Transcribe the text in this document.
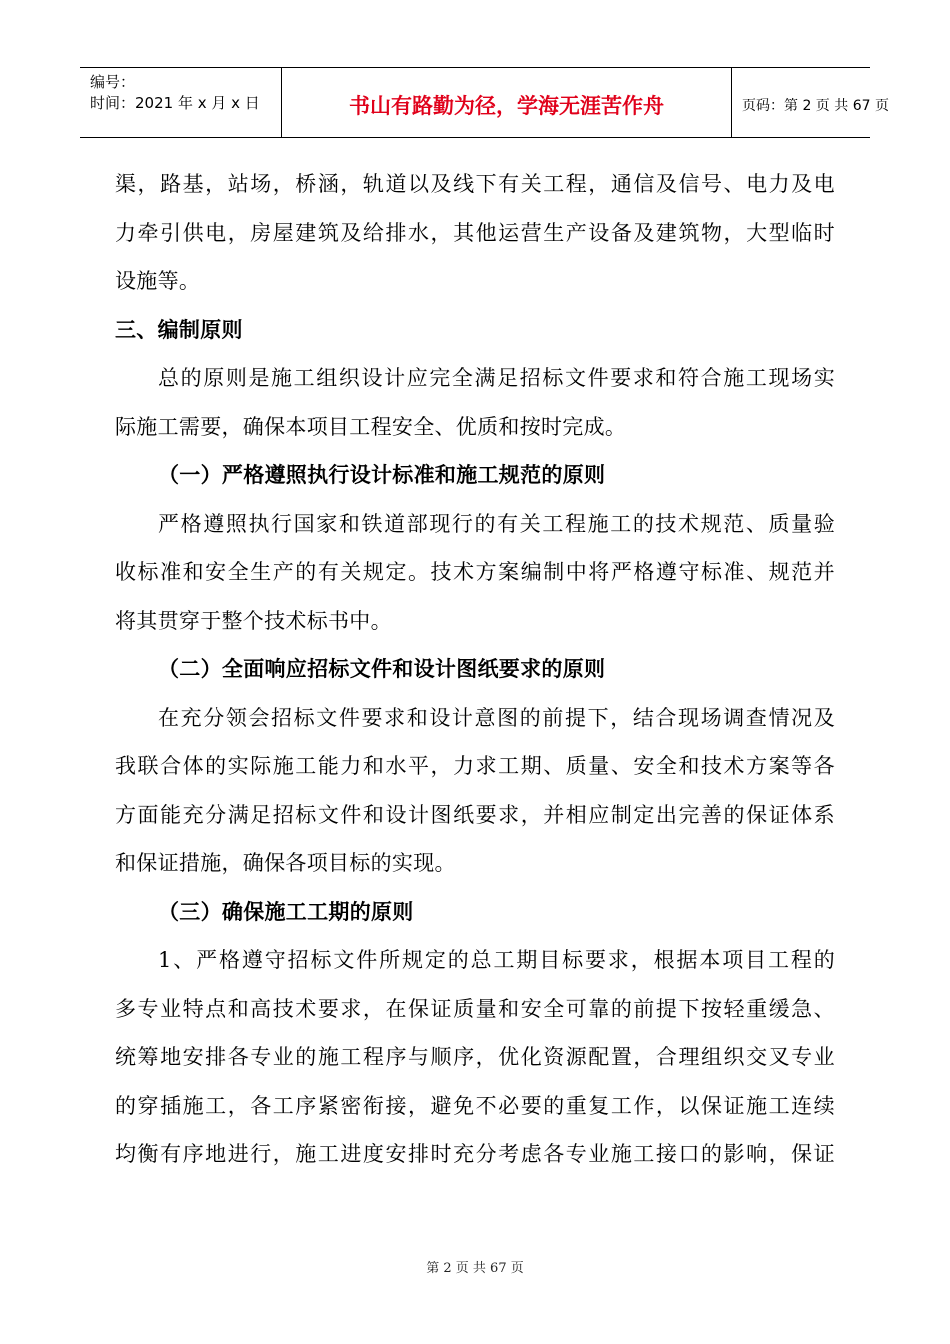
编号：
时间：2021 年 x 月 x 日	书山有路勤为径，学海无涯苦作舟	页码：第 2 页 共 67 页
渠，路基，站场，桥涵，轨道以及线下有关工程，通信及信号、电力及电
力牵引供电，房屋建筑及给排水，其他运营生产设备及建筑物，大型临时
设施等。
三、编制原则
总的原则是施工组织设计应完全满足招标文件要求和符合施工现场实
际施工需要，确保本项目工程安全、优质和按时完成。
（一）严格遵照执行设计标准和施工规范的原则
严格遵照执行国家和铁道部现行的有关工程施工的技术规范、质量验
收标准和安全生产的有关规定。技术方案编制中将严格遵守标准、规范并
将其贯穿于整个技术标书中。
（二）全面响应招标文件和设计图纸要求的原则
在充分领会招标文件要求和设计意图的前提下，结合现场调查情况及
我联合体的实际施工能力和水平，力求工期、质量、安全和技术方案等各
方面能充分满足招标文件和设计图纸要求，并相应制定出完善的保证体系
和保证措施，确保各项目标的实现。
（三）确保施工工期的原则
1、严格遵守招标文件所规定的总工期目标要求，根据本项目工程的
多专业特点和高技术要求，在保证质量和安全可靠的前提下按轻重缓急、
统筹地安排各专业的施工程序与顺序，优化资源配置，合理组织交叉专业
的穿插施工，各工序紧密衔接，避免不必要的重复工作，以保证施工连续
均衡有序地进行，施工进度安排时充分考虑各专业施工接口的影响，保证
第 2 页 共 67 页
